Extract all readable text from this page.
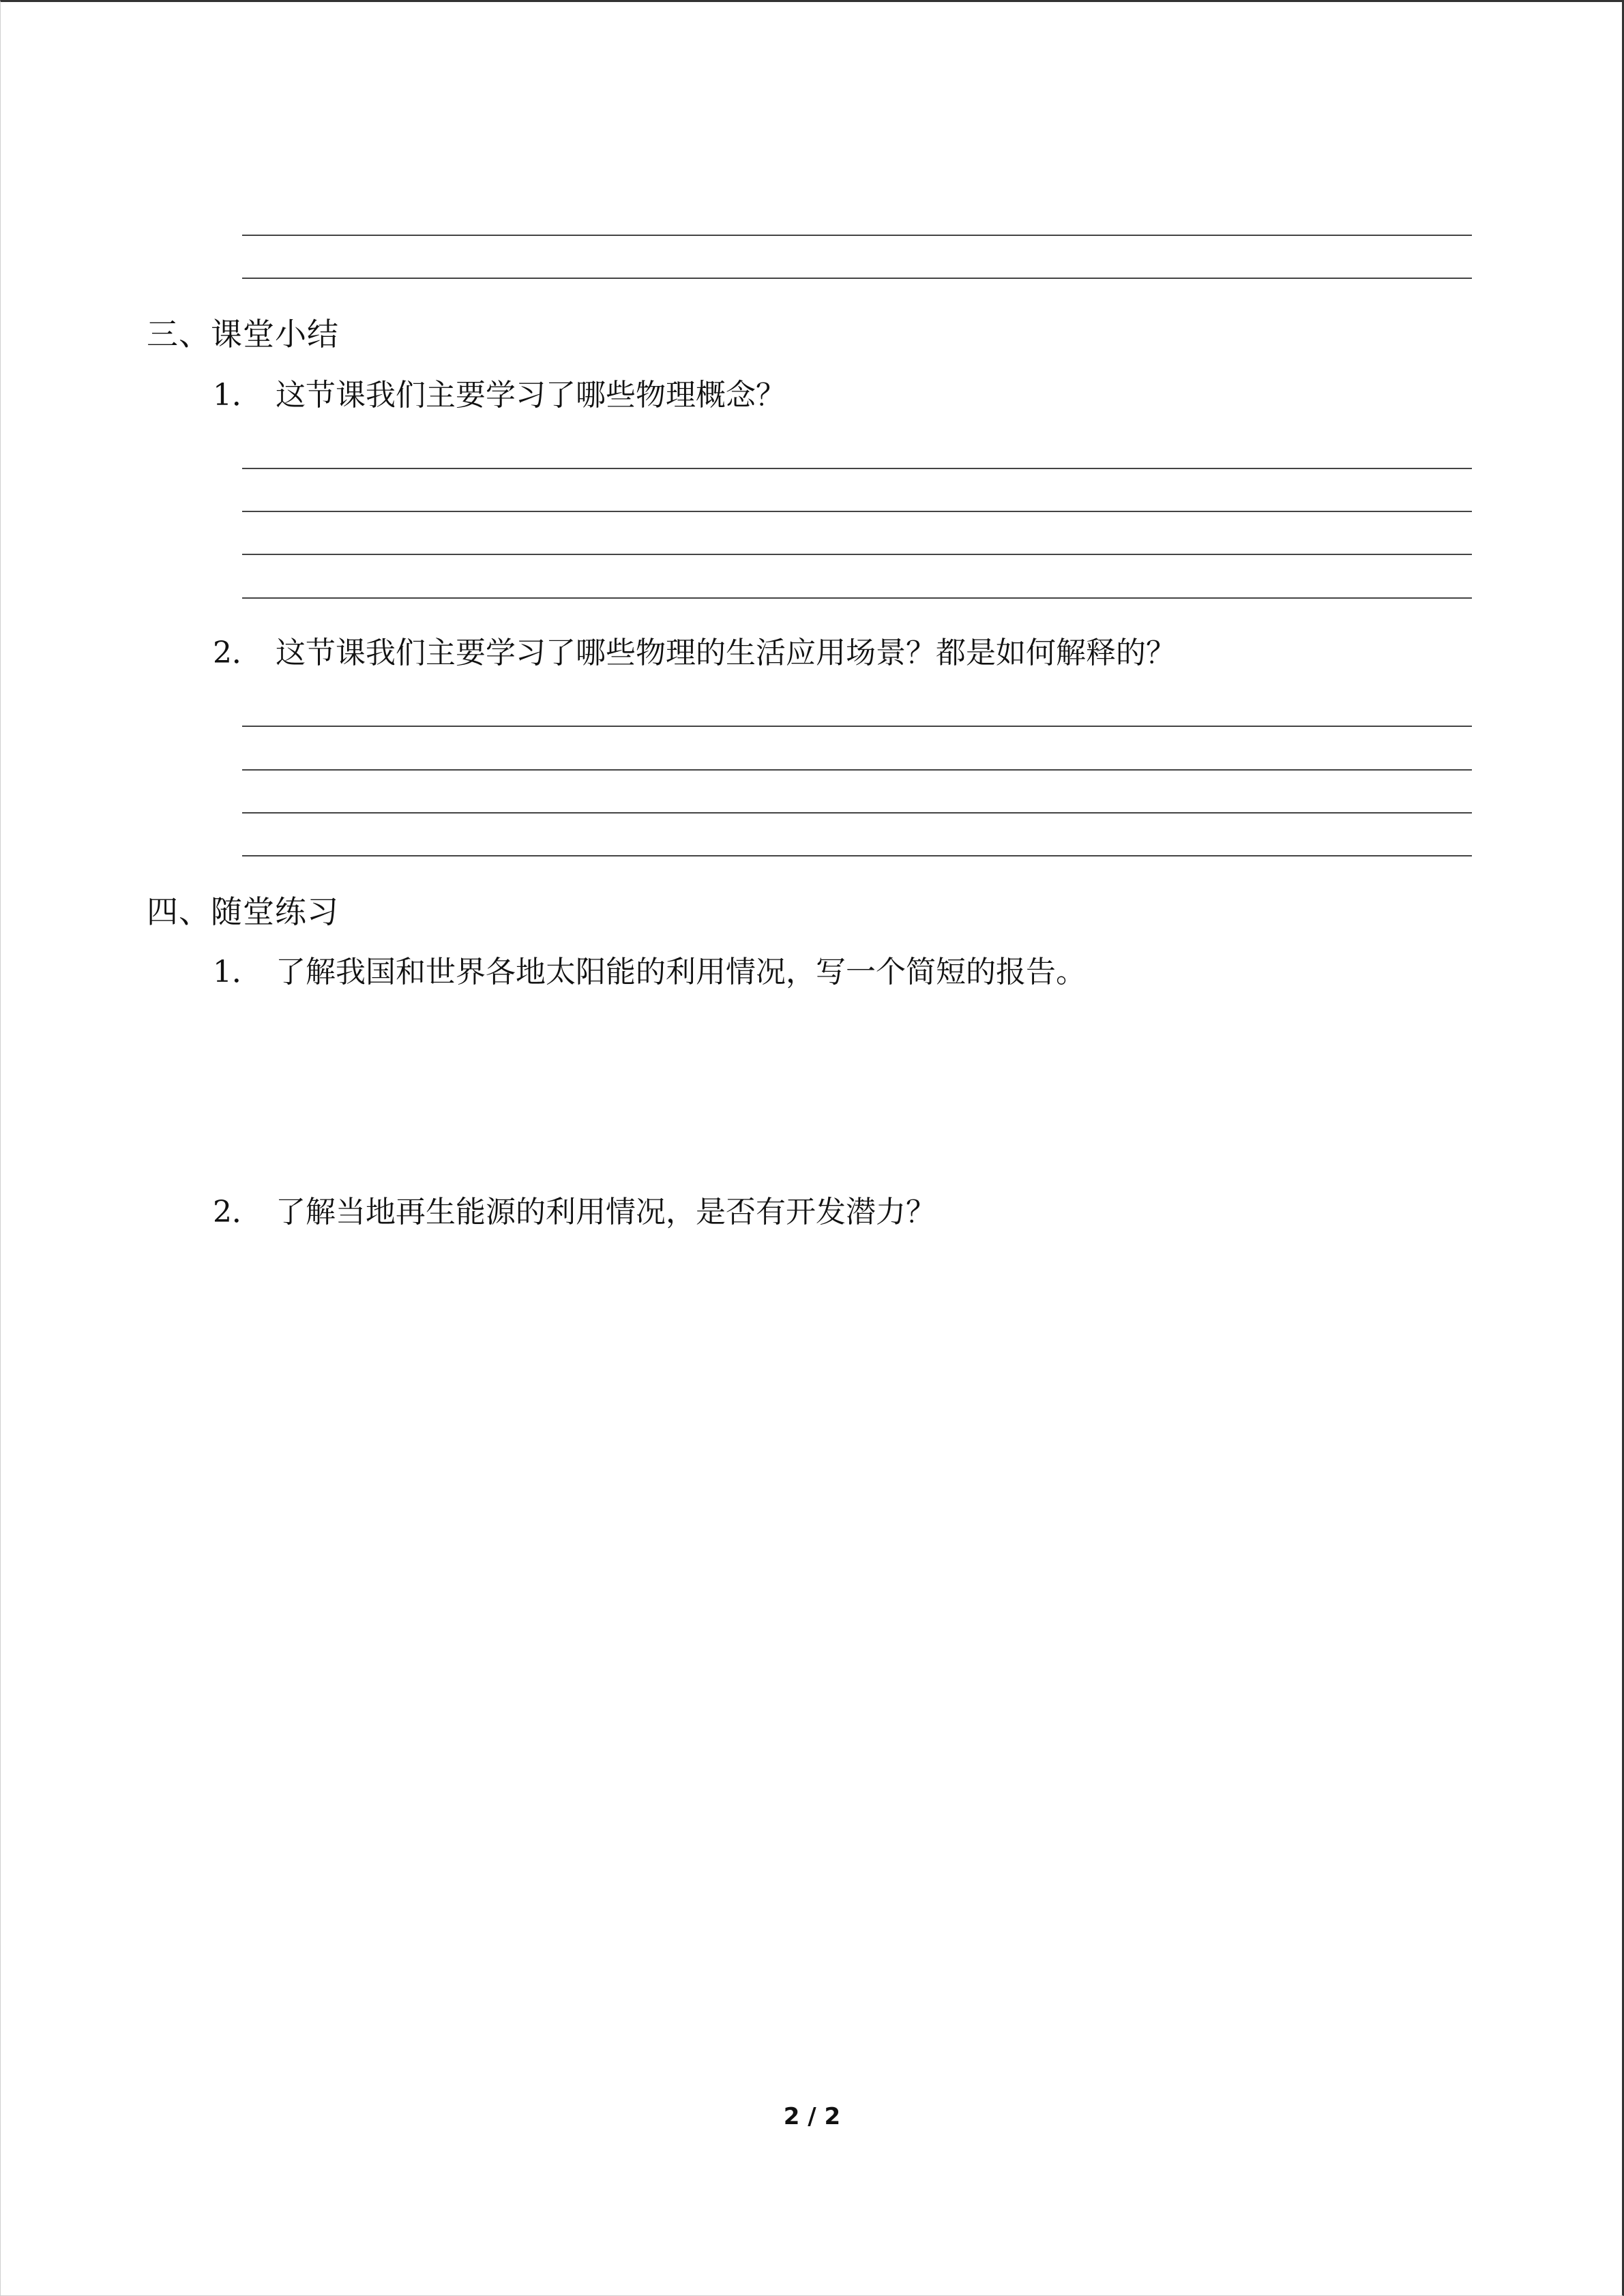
三、课堂小结
1． 这节课我们主要学习了哪些物理概念？
2． 这节课我们主要学习了哪些物理的生活应用场景？都是如何解释的？
四、随堂练习
1． 了解我国和世界各地太阳能的利用情况，写一个简短的报告。
2． 了解当地再生能源的利用情况，是否有开发潜力？
2 / 2
